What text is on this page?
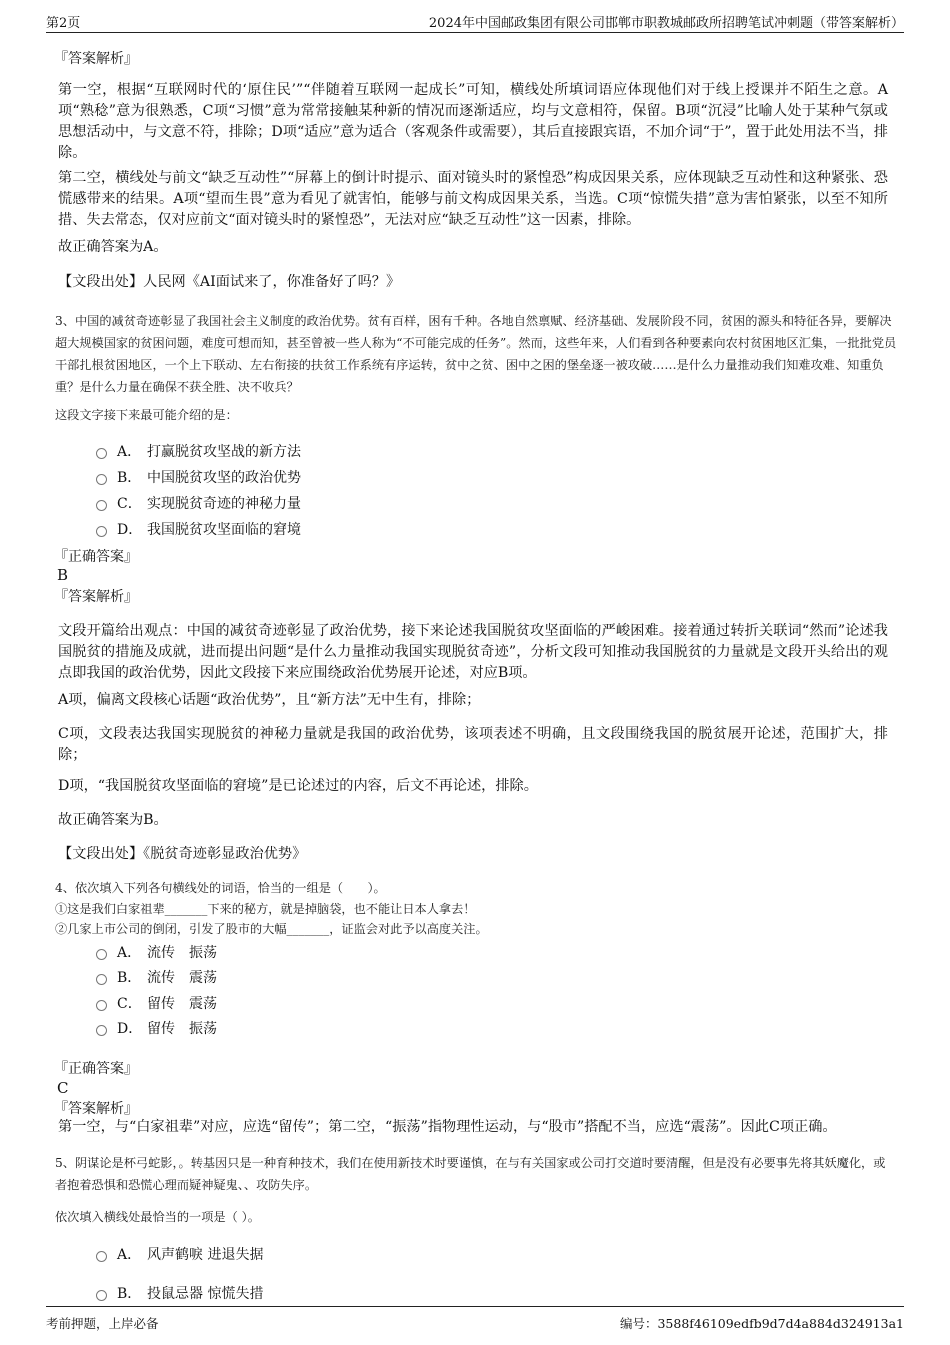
第2页	2024年中国邮政集团有限公司邯郸市职教城邮政所招聘笔试冲刺题（带答案解析）
『答案解析』
第一空，根据“互联网时代的‘原住民’”“伴随着互联网一起成长”可知，横线处所填词语应体现他们对于线上授课并不陌生之意。A项“熟稔”意为很熟悉，C项“习惯”意为常常接触某种新的情况而逐渐适应，均与文意相符，保留。B项“沉浸”比喻人处于某种气氛或思想活动中，与文意不符，排除；D项“适应”意为适合（客观条件或需要），其后直接跟宾语，不加介词“于”，置于此处用法不当，排除。
第二空，横线处与前文“缺乏互动性”“屏幕上的倒计时提示、面对镜头时的紧惶恐”构成因果关系，应体现缺乏互动性和这种紧张、恐慌感带来的结果。A项“望而生畏”意为看见了就害怕，能够与前文构成因果关系，当选。C项“惊慌失措”意为害怕紧张，以至不知所措、失去常态，仅对应前文“面对镜头时的紧惶恐”，无法对应“缺乏互动性”这一因素，排除。
故正确答案为A。
【文段出处】人民网《AI面试来了，你准备好了吗？》
3、中国的减贫奇迹彰显了我国社会主义制度的政治优势。贫有百样，困有千种。各地自然禀赋、经济基础、发展阶段不同，贫困的源头和特征各异，要解决超大规模国家的贫困问题，难度可想而知，甚至曾被一些人称为“不可能完成的任务”。然而，这些年来，人们看到各种要素向农村贫困地区汇集，一批批党员干部扎根贫困地区，一个上下联动、左右衔接的扶贫工作系统有序运转，贫中之贫、困中之困的堡垒逐一被攻破……是什么力量推动我们知难攻难、知重负重？是什么力量在确保不获全胜、决不收兵？
这段文字接下来最可能介绍的是：
A． 打赢脱贫攻坚战的新方法
B． 中国脱贫攻坚的政治优势
C． 实现脱贫奇迹的神秘力量
D． 我国脱贫攻坚面临的窘境
『正确答案』
B
『答案解析』
文段开篇给出观点：中国的减贫奇迹彰显了政治优势，接下来论述我国脱贫攻坚面临的严峻困难。接着通过转折关联词“然而”论述我国脱贫的措施及成就，进而提出问题“是什么力量推动我国实现脱贫奇迹”，分析文段可知推动我国脱贫的力量就是文段开头给出的观点即我国的政治优势，因此文段接下来应围绕政治优势展开论述，对应B项。
A项，偏离文段核心话题“政治优势”，且“新方法”无中生有，排除；
C项，文段表达我国实现脱贫的神秘力量就是我国的政治优势，该项表述不明确，且文段围绕我国的脱贫展开论述，范围扩大，排除；
D项，“我国脱贫攻坚面临的窘境”是已论述过的内容，后文不再论述，排除。
故正确答案为B。
【文段出处】《脱贫奇迹彰显政治优势》
4、依次填入下列各句横线处的词语，恰当的一组是（　　）。
①这是我们白家祖辈_______下来的秘方，就是掉脑袋，也不能让日本人拿去！
②几家上市公司的倒闭，引发了股市的大幅_______，证监会对此予以高度关注。
A． 流传　振荡
B． 流传　震荡
C． 留传　震荡
D． 留传　振荡
『正确答案』
C
『答案解析』
第一空，与“白家祖辈”对应，应选“留传”；第二空，“振荡”指物理性运动，与“股市”搭配不当，应选“震荡”。因此C项正确。
5、阴谋论是杯弓蛇影，。转基因只是一种育种技术，我们在使用新技术时要谨慎，在与有关国家或公司打交道时要清醒，但是没有必要事先将其妖魔化，或者抱着恐惧和恐慌心理而疑神疑鬼、、攻防失序。
依次填入横线处最恰当的一项是（ ）。
A． 风声鹤唳 进退失据
B． 投鼠忌器 惊慌失措
考前押题，上岸必备	编号：3588f46109edfb9d7d4a884d324913a1
